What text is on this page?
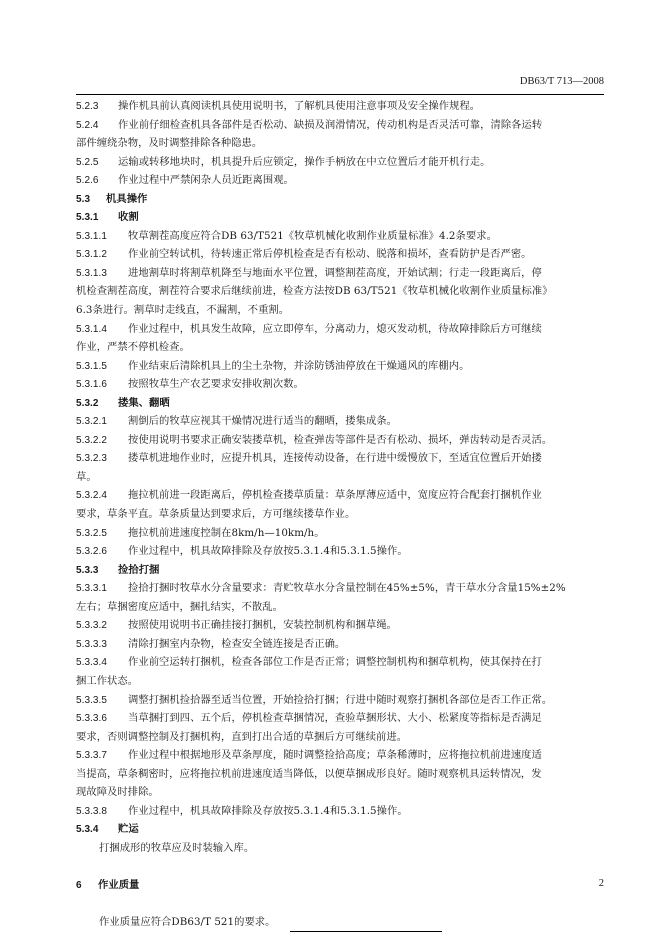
DB63/T 713—2008
5.2.3 操作机具前认真阅读机具使用说明书，了解机具使用注意事项及安全操作规程。
5.2.4 作业前仔细检查机具各部件是否松动、缺损及润滑情况，传动机构是否灵活可靠，清除各运转
部件缠绕杂物，及时调整排除各种隐患。
5.2.5 运输或转移地块时，机具提升后应锁定，操作手柄放在中立位置后才能开机行走。
5.2.6 作业过程中严禁闲杂人员近距离围观。
5.3 机具操作
5.3.1 收割
5.3.1.1 牧草割茬高度应符合DB 63/T521《牧草机械化收割作业质量标准》4.2条要求。
5.3.1.2 作业前空转试机，待转速正常后停机检查是否有松动、脱落和损坏，查看防护是否严密。
5.3.1.3 进地割草时将割草机降至与地面水平位置，调整割茬高度，开始试割；行走一段距离后，停
机检查割茬高度，割茬符合要求后继续前进，检查方法按DB 63/T521《牧草机械化收割作业质量标准》
6.3条进行。割草时走线直，不漏割，不重割。
5.3.1.4 作业过程中，机具发生故障，应立即停车，分离动力，熄灭发动机，待故障排除后方可继续
作业，严禁不停机检查。
5.3.1.5 作业结束后清除机具上的尘土杂物，并涂防锈油停放在干燥通风的库棚内。
5.3.1.6 按照牧草生产农艺要求安排收割次数。
5.3.2 搂集、翻晒
5.3.2.1 割倒后的牧草应视其干燥情况进行适当的翻晒，搂集成条。
5.3.2.2 按使用说明书要求正确安装搂草机，检查弹齿等部件是否有松动、损坏，弹齿转动是否灵活。
5.3.2.3 搂草机进地作业时，应提升机具，连接传动设备，在行进中缓慢放下，至适宜位置后开始搂
草。
5.3.2.4 拖拉机前进一段距离后，停机检查搂草质量：草条厚薄应适中，宽度应符合配套打捆机作业
要求，草条平直。草条质量达到要求后，方可继续搂草作业。
5.3.2.5 拖拉机前进速度控制在8km/h—10km/h。
5.3.2.6 作业过程中，机具故障排除及存放按5.3.1.4和5.3.1.5操作。
5.3.3 捡拾打捆
5.3.3.1 捡拾打捆时牧草水分含量要求：青贮牧草水分含量控制在45%±5%，青干草水分含量15%±2%
左右；草捆密度应适中，捆扎结实，不散乱。
5.3.3.2 按照使用说明书正确挂接打捆机，安装控制机构和捆草绳。
5.3.3.3 清除打捆室内杂物，检查安全链连接是否正确。
5.3.3.4 作业前空运转打捆机，检查各部位工作是否正常；调整控制机构和捆草机构，使其保持在打
捆工作状态。
5.3.3.5 调整打捆机捡拾器至适当位置，开始捡拾打捆；行进中随时观察打捆机各部位是否工作正常。
5.3.3.6 当草捆打到四、五个后，停机检查草捆情况，查验草捆形状、大小、松紧度等指标是否满足
要求，否则调整控制及打捆机构，直到打出合适的草捆后方可继续前进。
5.3.3.7 作业过程中根据地形及草条厚度，随时调整捡拾高度；草条稀薄时，应将拖拉机前进速度适
当提高，草条稠密时，应将拖拉机前进速度适当降低，以便草捆成形良好。随时观察机具运转情况，发
现故障及时排除。
5.3.3.8 作业过程中，机具故障排除及存放按5.3.1.4和5.3.1.5操作。
5.3.4 贮运
打捆成形的牧草应及时装输入库。
6 作业质量
作业质量应符合DB63/T 521的要求。
2
